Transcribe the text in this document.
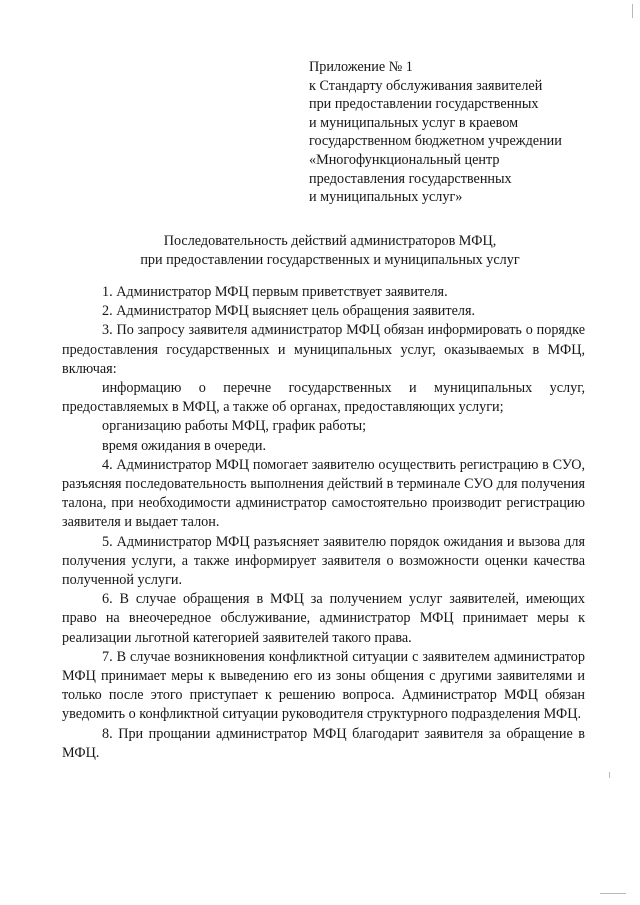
Приложение № 1
к Стандарту обслуживания заявителей
при предоставлении государственных
и муниципальных услуг в краевом
государственном бюджетном учреждении
«Многофункциональный центр
предоставления государственных
и муниципальных услуг»
Последовательность действий администраторов МФЦ,
при предоставлении государственных и муниципальных услуг

1. Администратор МФЦ первым приветствует заявителя.

2. Администратор МФЦ выясняет цель обращения заявителя.

3. По запросу заявителя администратор МФЦ обязан информировать о порядке предоставления государственных и муниципальных услуг, оказываемых в МФЦ, включая:

информацию о перечне государственных и муниципальных услуг, предоставляемых в МФЦ, а также об органах, предоставляющих услуги;

организацию работы МФЦ, график работы;

время ожидания в очереди.

4. Администратор МФЦ помогает заявителю осуществить регистрацию в СУО, разъясняя последовательность выполнения действий в терминале СУО для получения талона, при необходимости администратор самостоятельно производит регистрацию заявителя и выдает талон.

5. Администратор МФЦ разъясняет заявителю порядок ожидания и вызова для получения услуги, а также информирует заявителя о возможности оценки качества полученной услуги.

6. В случае обращения в МФЦ за получением услуг заявителей, имеющих право на внеочередное обслуживание, администратор МФЦ принимает меры к реализации льготной категорией заявителей такого права.

7. В случае возникновения конфликтной ситуации с заявителем администратор МФЦ принимает меры к выведению его из зоны общения с другими заявителями и только после этого приступает к решению вопроса. Администратор МФЦ обязан уведомить о конфликтной ситуации руководителя структурного подразделения МФЦ.

8. При прощании администратор МФЦ благодарит заявителя за обращение в МФЦ.
